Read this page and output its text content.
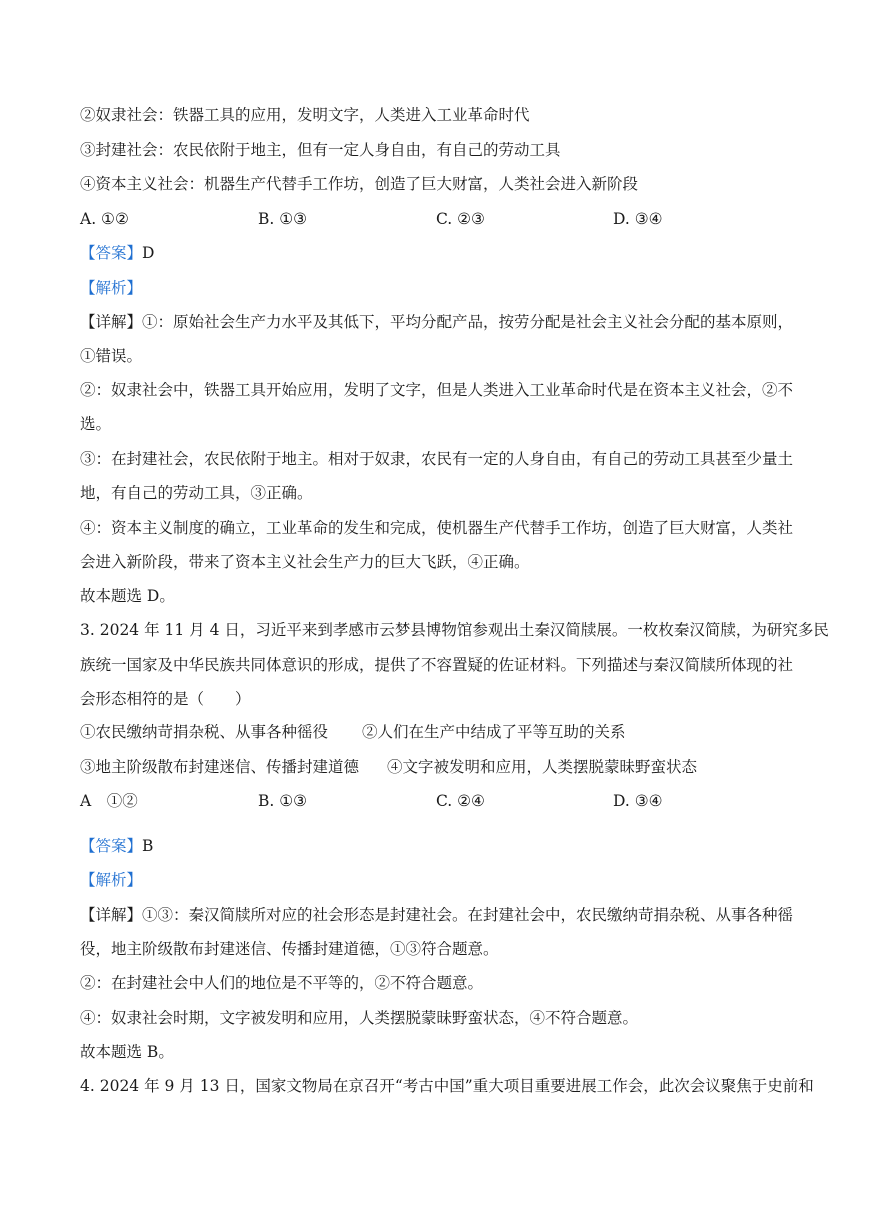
②奴隶社会：铁器工具的应用，发明文字，人类进入工业革命时代
③封建社会：农民依附于地主，但有一定人身自由，有自己的劳动工具
④资本主义社会：机器生产代替手工作坊，创造了巨大财富，人类社会进入新阶段
A. ①②	B. ①③	C. ②③	D. ③④
【答案】D
【解析】
【详解】①：原始社会生产力水平及其低下，平均分配产品，按劳分配是社会主义社会分配的基本原则，
①错误。
②：奴隶社会中，铁器工具开始应用，发明了文字，但是人类进入工业革命时代是在资本主义社会，②不
选。
③：在封建社会，农民依附于地主。相对于奴隶，农民有一定的人身自由，有自己的劳动工具甚至少量土
地，有自己的劳动工具，③正确。
④：资本主义制度的确立，工业革命的发生和完成，使机器生产代替手工作坊，创造了巨大财富，人类社
会进入新阶段，带来了资本主义社会生产力的巨大飞跃，④正确。
故本题选 D。
3. 2024 年 11 月 4 日，习近平来到孝感市云梦县博物馆参观出土秦汉简牍展。一枚枚秦汉简牍，为研究多民
族统一国家及中华民族共同体意识的形成，提供了不容置疑的佐证材料。下列描述与秦汉简牍所体现的社
会形态相符的是（　　）
①农民缴纳苛捐杂税、从事各种徭役 ②人们在生产中结成了平等互助的关系
③地主阶级散布封建迷信、传播封建道德 ④文字被发明和应用，人类摆脱蒙昧野蛮状态
A　①②	B. ①③	C. ②④	D. ③④
【答案】B
【解析】
【详解】①③：秦汉简牍所对应的社会形态是封建社会。在封建社会中，农民缴纳苛捐杂税、从事各种徭
役，地主阶级散布封建迷信、传播封建道德，①③符合题意。
②：在封建社会中人们的地位是不平等的，②不符合题意。
④：奴隶社会时期，文字被发明和应用，人类摆脱蒙昧野蛮状态，④不符合题意。
故本题选 B。
4. 2024 年 9 月 13 日，国家文物局在京召开“考古中国”重大项目重要进展工作会，此次会议聚焦于史前和
